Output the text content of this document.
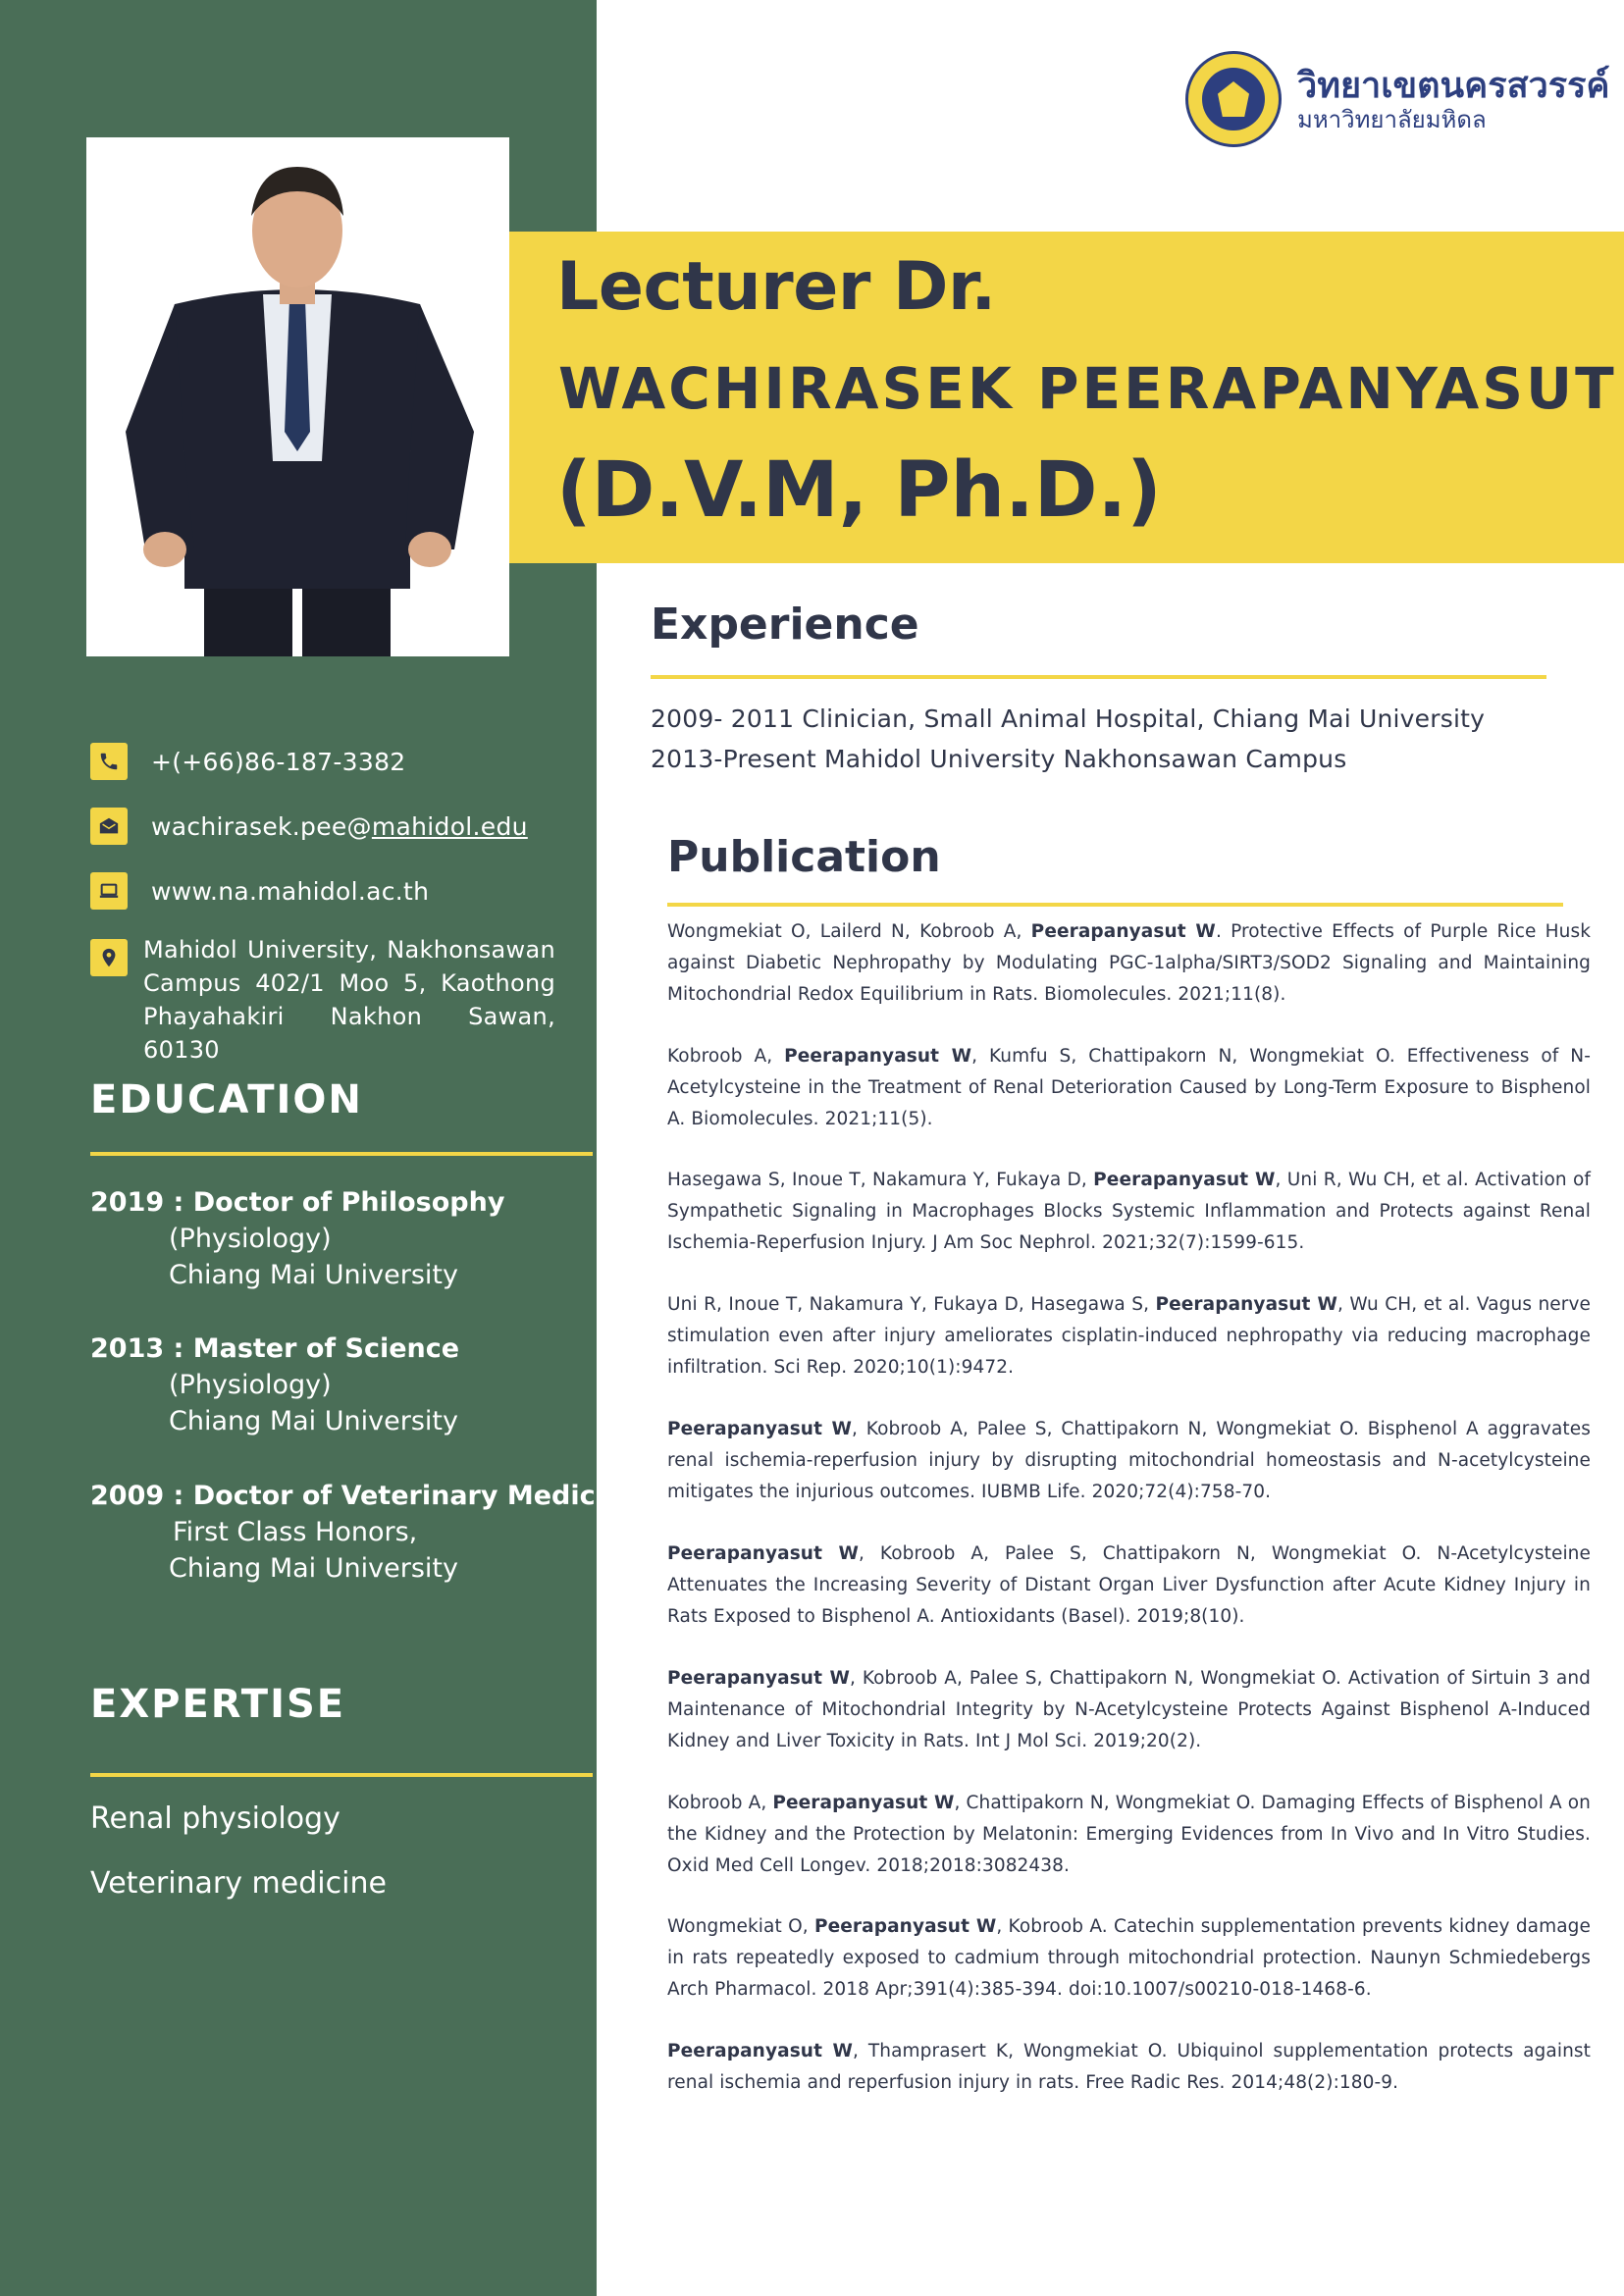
วิทยาเขตนครสวรรค์
มหาวิทยาลัยมหิดล
Lecturer Dr.
WACHIRASEK PEERAPANYASUT
(D.V.M, Ph.D.)
+(+66)86-187-3382
wachirasek.pee@mahidol.edu
www.na.mahidol.ac.th
Mahidol University, Nakhonsawan Campus 402/1 Moo 5, Kaothong Phayahakiri Nakhon Sawan, 60130
EDUCATION
2019 : Doctor of Philosophy
(Physiology)
Chiang Mai University
2013 : Master of Science
(Physiology)
Chiang Mai University
2009 : Doctor of Veterinary Medicine
First Class Honors,
Chiang Mai University
EXPERTISE
Renal physiology
Veterinary medicine
Experience
2009- 2011 Clinician, Small Animal Hospital, Chiang Mai University
2013-Present Mahidol University Nakhonsawan Campus
Publication
Wongmekiat O, Lailerd N, Kobroob A, Peerapanyasut W. Protective Effects of Purple Rice Husk against Diabetic Nephropathy by Modulating PGC-1alpha/SIRT3/SOD2 Signaling and Maintaining Mitochondrial Redox Equilibrium in Rats. Biomolecules. 2021;11(8).
Kobroob A, Peerapanyasut W, Kumfu S, Chattipakorn N, Wongmekiat O. Effectiveness of N-Acetylcysteine in the Treatment of Renal Deterioration Caused by Long-Term Exposure to Bisphenol A. Biomolecules. 2021;11(5).
Hasegawa S, Inoue T, Nakamura Y, Fukaya D, Peerapanyasut W, Uni R, Wu CH, et al. Activation of Sympathetic Signaling in Macrophages Blocks Systemic Inflammation and Protects against Renal Ischemia-Reperfusion Injury. J Am Soc Nephrol. 2021;32(7):1599-615.
Uni R, Inoue T, Nakamura Y, Fukaya D, Hasegawa S, Peerapanyasut W, Wu CH, et al. Vagus nerve stimulation even after injury ameliorates cisplatin-induced nephropathy via reducing macrophage infiltration. Sci Rep. 2020;10(1):9472.
Peerapanyasut W, Kobroob A, Palee S, Chattipakorn N, Wongmekiat O. Bisphenol A aggravates renal ischemia-reperfusion injury by disrupting mitochondrial homeostasis and N-acetylcysteine mitigates the injurious outcomes. IUBMB Life. 2020;72(4):758-70.
Peerapanyasut W, Kobroob A, Palee S, Chattipakorn N, Wongmekiat O. N-Acetylcysteine Attenuates the Increasing Severity of Distant Organ Liver Dysfunction after Acute Kidney Injury in Rats Exposed to Bisphenol A. Antioxidants (Basel). 2019;8(10).
Peerapanyasut W, Kobroob A, Palee S, Chattipakorn N, Wongmekiat O. Activation of Sirtuin 3 and Maintenance of Mitochondrial Integrity by N-Acetylcysteine Protects Against Bisphenol A-Induced Kidney and Liver Toxicity in Rats. Int J Mol Sci. 2019;20(2).
Kobroob A, Peerapanyasut W, Chattipakorn N, Wongmekiat O. Damaging Effects of Bisphenol A on the Kidney and the Protection by Melatonin: Emerging Evidences from In Vivo and In Vitro Studies. Oxid Med Cell Longev. 2018;2018:3082438.
Wongmekiat O, Peerapanyasut W, Kobroob A. Catechin supplementation prevents kidney damage in rats repeatedly exposed to cadmium through mitochondrial protection. Naunyn Schmiedebergs Arch Pharmacol. 2018 Apr;391(4):385-394. doi:10.1007/s00210-018-1468-6.
Peerapanyasut W, Thamprasert K, Wongmekiat O. Ubiquinol supplementation protects against renal ischemia and reperfusion injury in rats. Free Radic Res. 2014;48(2):180-9.
